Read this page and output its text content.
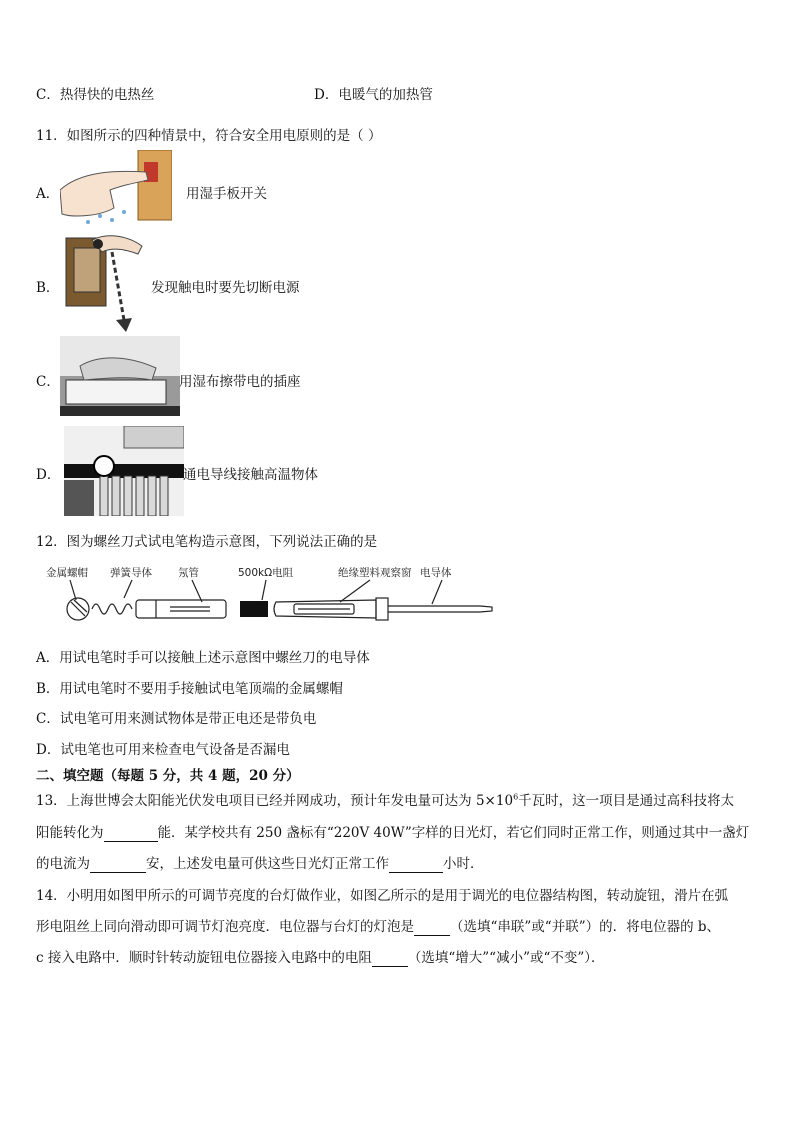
C．热得快的电热丝	D．电暖气的加热管
11．如图所示的四种情景中，符合安全用电原则的是（ ）
A．	用湿手板开关
B．	发现触电时要先切断电源
C．	用湿布擦带电的插座
D．	通电导线接触高温物体
12．图为螺丝刀式试电笔构造示意图，下列说法正确的是
金属螺帽 弹簧导体 氖管	500kΩ电阻	绝缘塑料观察窗 电导体
A．用试电笔时手可以接触上述示意图中螺丝刀的电导体
B．用试电笔时不要用手接触试电笔顶端的金属螺帽
C．试电笔可用来测试物体是带正电还是带负电
D．试电笔也可用来检查电气设备是否漏电
二、填空题（每题 5 分，共 4 题，20 分）
13．上海世博会太阳能光伏发电项目已经并网成功，预计年发电量可达为 $5\times 10^6$千瓦时，这一项目是通过高科技将太
阳能转化为	能．某学校共有 250 盏标有“220V 40W”字样的日光灯，若它们同时正常工作，则通过其中一盏灯
的电流为	安，上述发电量可供这些日光灯正常工作	小时．
14．小明用如图甲所示的可调节亮度的台灯做作业，如图乙所示的是用于调光的电位器结构图，转动旋钮，滑片在弧
形电阻丝上同向滑动即可调节灯泡亮度．电位器与台灯的灯泡是	（选填“串联”或“并联”）的．将电位器的 b、
c 接入电路中．顺时针转动旋钮电位器接入电路中的电阻	（选填“增大”“减小”或“不变”）．
